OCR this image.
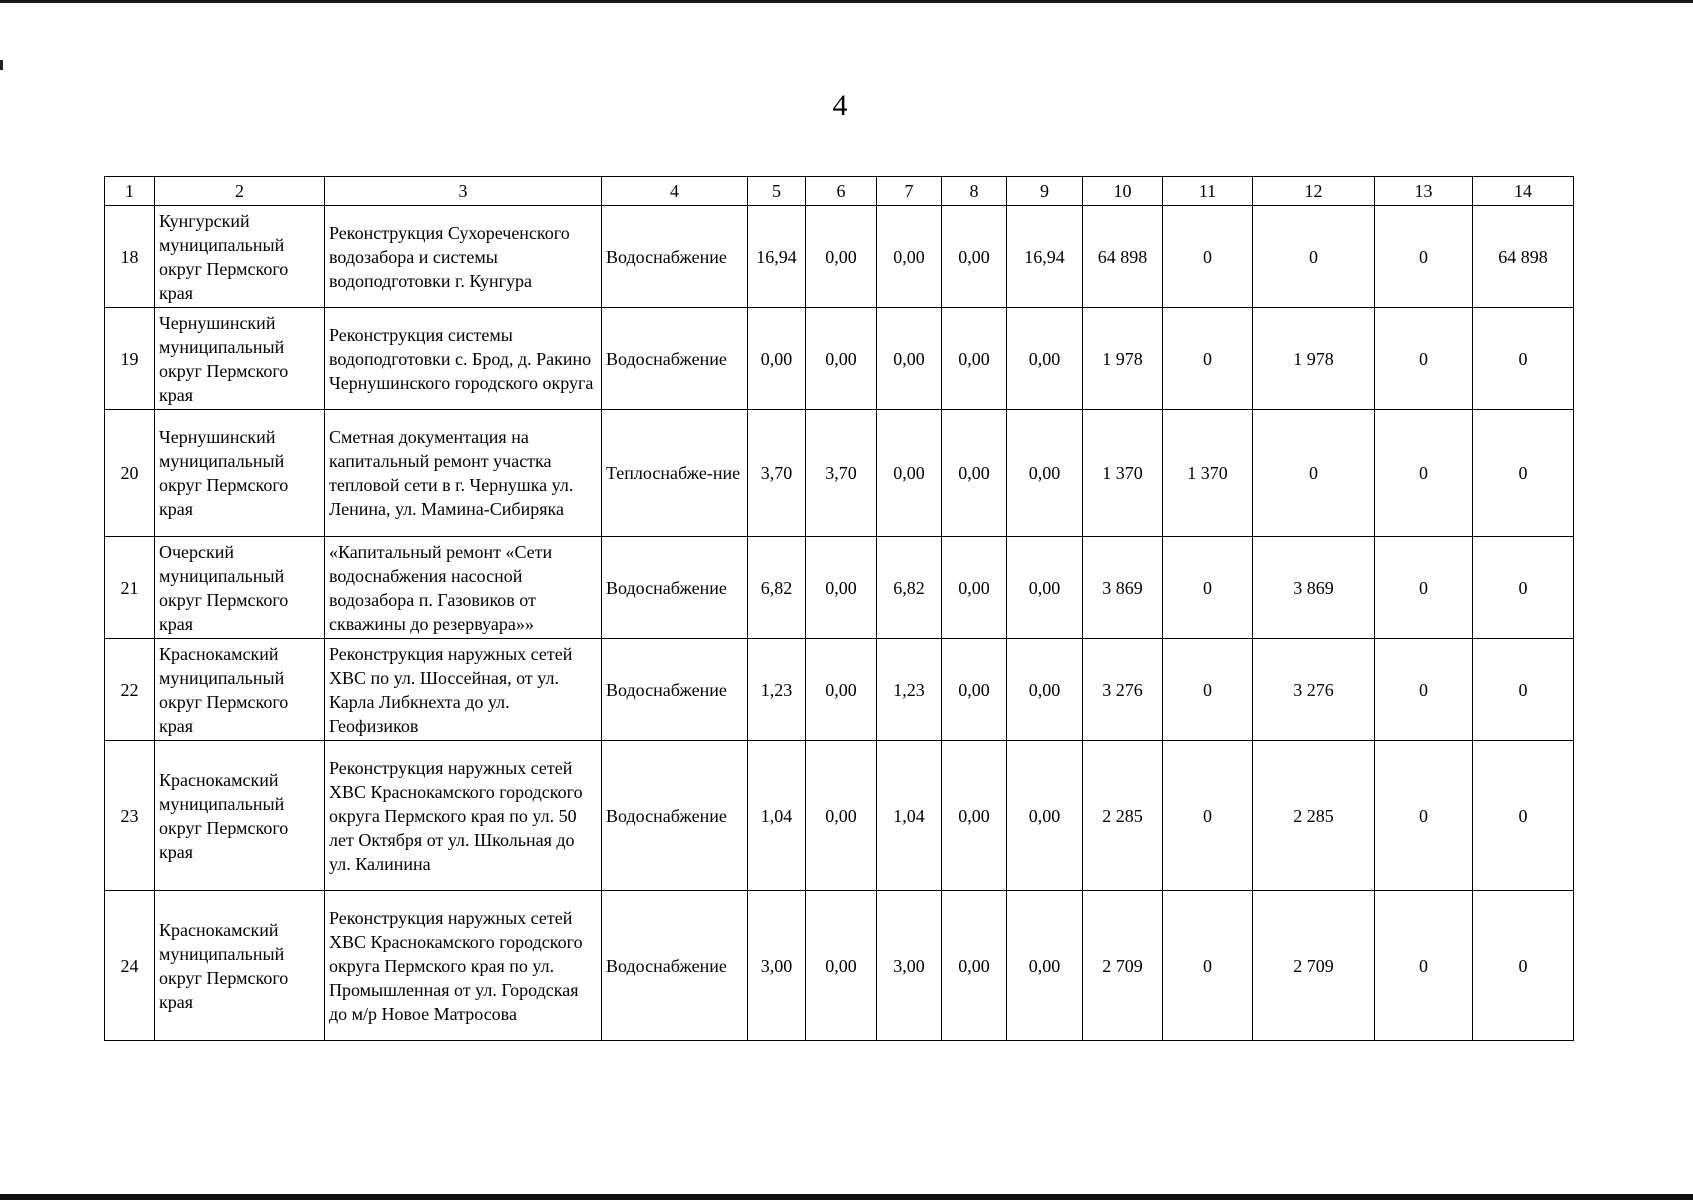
4
1	2	3	4	5	6	7	8	9	10	11	12	13	14
18	Кунгурский муниципальный округ Пермского края	Реконструкция Сухореченского водозабора и системы водоподготовки г. Кунгура	Водоснабжение	16,94	0,00	0,00	0,00	16,94	64 898	0	0	0	64 898
19	Чернушинский муниципальный округ Пермского края	Реконструкция системы водоподготовки с. Брод, д. Ракино Чернушинского городского округа	Водоснабжение	0,00	0,00	0,00	0,00	0,00	1 978	0	1 978	0	0
20	Чернушинский муниципальный округ Пермского края	Сметная документация на капитальный ремонт участка тепловой сети в г. Чернушка ул. Ленина, ул. Мамина-Сибиряка	Теплоснабже-ние	3,70	3,70	0,00	0,00	0,00	1 370	1 370	0	0	0
21	Очерский муниципальный округ Пермского края	«Капитальный ремонт «Сети водоснабжения насосной водозабора п. Газовиков от скважины до резервуара»»	Водоснабжение	6,82	0,00	6,82	0,00	0,00	3 869	0	3 869	0	0
22	Краснокамский муниципальный округ Пермского края	Реконструкция наружных сетей ХВС по ул. Шоссейная, от ул. Карла Либкнехта до ул. Геофизиков	Водоснабжение	1,23	0,00	1,23	0,00	0,00	3 276	0	3 276	0	0
23	Краснокамский муниципальный округ Пермского края	Реконструкция наружных сетей ХВС Краснокамского городского округа Пермского края по ул. 50 лет Октября от ул. Школьная до ул. Калинина	Водоснабжение	1,04	0,00	1,04	0,00	0,00	2 285	0	2 285	0	0
24	Краснокамский муниципальный округ Пермского края	Реконструкция наружных сетей ХВС Краснокамского городского округа Пермского края по ул. Промышленная от ул. Городская до м/р Новое Матросова	Водоснабжение	3,00	0,00	3,00	0,00	0,00	2 709	0	2 709	0	0
